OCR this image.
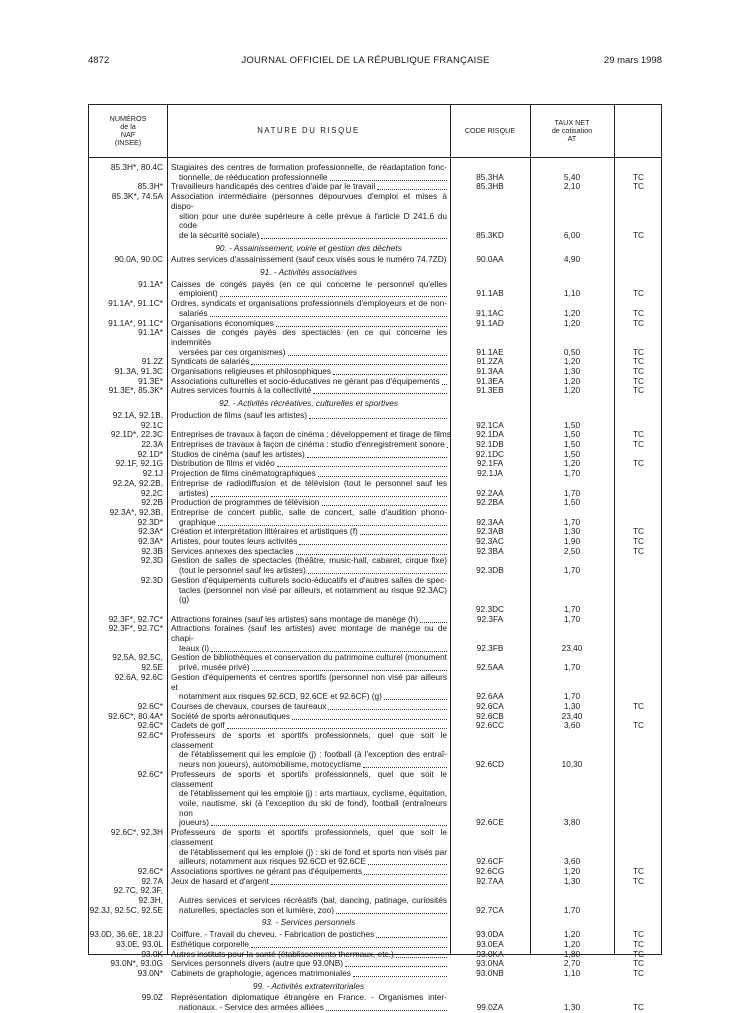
4872	JOURNAL OFFICIEL DE LA RÉPUBLIQUE FRANÇAISE	29 mars 1998
NUMÉROS
de la
NAF
(INSEE)
NATURE DU RISQUE	CODE RISQUE
TAUX NET
de cotisation
AT
85.3H*, 80.4C Stagiaires des centres de formation professionnelle, de réadaptation fonc-
tionnelle, de rééducation professionnelle	85.3HA	5,40	TC
85.3H* Travailleurs handicapés des centres d'aide par le travail	85.3HB	2,10	TC
85.3K*, 74.5A Association intermédiaire (personnes dépourvues d'emploi et mises à dispo-
sition pour une durée supérieure à celle prévue à l'article D 241.6 du code
de la sécurité sociale)	85.3KD	6,00	TC
90. - Assainissement, voirie et gestion des déchets
90.0A, 90.0C Autres services d'assainissement (sauf ceux visés sous le numéro 74.7ZD)	90.0AA	4,90
91. - Activités associatives
91.1A* Caisses de congés payés (en ce qui concerne le personnel qu'elles
emploient)	91.1AB	1,10	TC
91.1A*, 91.1C* Ordres, syndicats et organisations professionnels d'employeurs et de non-
salariés	91.1AC	1,20	TC
91.1A*, 91.1C* Organisations économiques	91.1AD	1,20	TC
91.1A* Caisses de congés payés des spectacles (en ce qui concerne les indemnités
versées par ces organismes)	91.1AE	0,50	TC
91.2Z Syndicats de salariés	91.2ZA	1,20	TC
91.3A, 91.3C Organisations religieuses et philosophiques	91.3AA	1,30	TC
91.3E* Associations culturelles et socio-éducatives ne gérant pas d'équipements	91.3EA	1,20	TC
91.3E*, 85.3K* Autres services fournis à la collectivité	91.3EB	1,20	TC
92. - Activités récréatives, culturelles et sportives
92.1A, 92.1B, 92.1C
Production de films (sauf les artistes)
92.1CA	1,50
92.1D*, 22.3C Entreprises de travaux à façon de cinéma : développement et tirage de films	92.1DA	1,50	TC
22.3A Entreprises de travaux à façon de cinéma : studio d'enregistrement sonore	92.1DB	1,50	TC
92.1D* Studios de cinéma (sauf les artistes)	92.1DC	1,50
92.1F, 92.1G Distribution de films et vidéo	92.1FA	1,20	TC
92.1J Projection de films cinématographiques	92.1JA	1,70
92.2A, 92.2B, 92.2C
Entreprise de radiodiffusion et de télévision (tout le personnel sauf les
artistes)	92.2AA	1,70
92.2B Production de programmes de télévision	92.2BA	1,50
92.3A*, 92.3B, 92.3D*
Entreprise de concert public, salle de concert, salle d'audition phono-
graphique	92.3AA	1,70
92.3A* Création et interprétation littéraires et artistiques (f)	92.3AB	1,30	TC
92.3A* Artistes, pour toutes leurs activités	92.3AC	1,90	TC
92.3B Services annexes des spectacles	92.3BA	2,50	TC
92.3D Gestion de salles de spectacles (théâtre, music-hall, cabaret, cirque fixe)
(tout le personnel sauf les artistes)	92.3DB	1,70
92.3D Gestion d'équipements culturels socio-éducatifs et d'autres salles de spec-
tacles (personnel non visé par ailleurs, et notamment au risque 92.3AC) (g)
92.3DC	1,70
92.3F*, 92.7C* Attractions foraines (sauf les artistes) sans montage de manège (h)	92.3FA	1,70
92.3F*, 92.7C* Attractions foraines (sauf les artistes) avec montage de manège ou de chapi-
teaux (i)	92.3FB	23,40
92.5A, 92.5C, 92.5E
Gestion de bibliothèques et conservation du patrimoine culturel (monument
privé, musée privé)	92.5AA	1,70
92.6A, 92.6C Gestion d'équipements et centres sportifs (personnel non visé par ailleurs et
notamment aux risques 92.6CD, 92.6CE et 92.6CF) (g)	92.6AA	1,70
92.6C* Courses de chevaux, courses de taureaux	92.6CA	1,30	TC
92.6C*, 80.4A* Société de sports aéronautiques	92.6CB	23,40
92.6C* Cadets de golf	92.6CC	3,60	TC
92.6C* Professeurs de sports et sportifs professionnels, quel que soit le classement
de l'établissement qui les emploie (j) : football (à l'exception des entraî-
neurs non joueurs), automobilisme, motocyclisme	92.6CD	10,30
92.6C* Professeurs de sports et sportifs professionnels, quel que soit le classement
de l'établissement qui les emploie (j) : arts martiaux, cyclisme, équitation,
voile, nautisme, ski (à l'exception du ski de fond), football (entraîneurs non
joueurs)	92.6CE	3,80
92.6C*, 92.3H Professeurs de sports et sportifs professionnels, quel que soit le classement
de l'établissement qui les emploie (j) : ski de fond et sports non visés par
ailleurs, notamment aux risques 92.6CD et 92.6CE	92.6CF	3,60
92.6C* Associations sportives ne gérant pas d'équipements	92.6CG	1,20	TC
92.7A Jeux de hasard et d'argent	92.7AA	1,30	TC
92.7C, 92.3F, 92.3H,
92.3J, 92.5C, 92.5E
Autres services et services récréatifs (bal, dancing, patinage, curiosités
naturelles, spectacles son et lumière, zoo)	92.7CA	1,70
93. - Services personnels
93.0D, 36.6E, 18.2J Coiffure. - Travail du cheveu. - Fabrication de postiches	93.0DA	1,20	TC
93.0E, 93.0L Esthétique corporelle	93.0EA	1,20	TC
93.0K Autres instituts pour la santé (établissements thermaux, etc.)	93.0KA	1,80	TC
93.0N*, 93.0G Services personnels divers (autre que 93.0NB)	93.0NA	2,70	TC
93.0N* Cabinets de graphologie, agences matrimoniales	93.0NB	1,10	TC
99. - Activités extraterritoriales
99.0Z Représentation diplomatique étrangère en France. - Organismes inter-
nationaux. - Service des armées alliées	99.0ZA	1,30	TC
